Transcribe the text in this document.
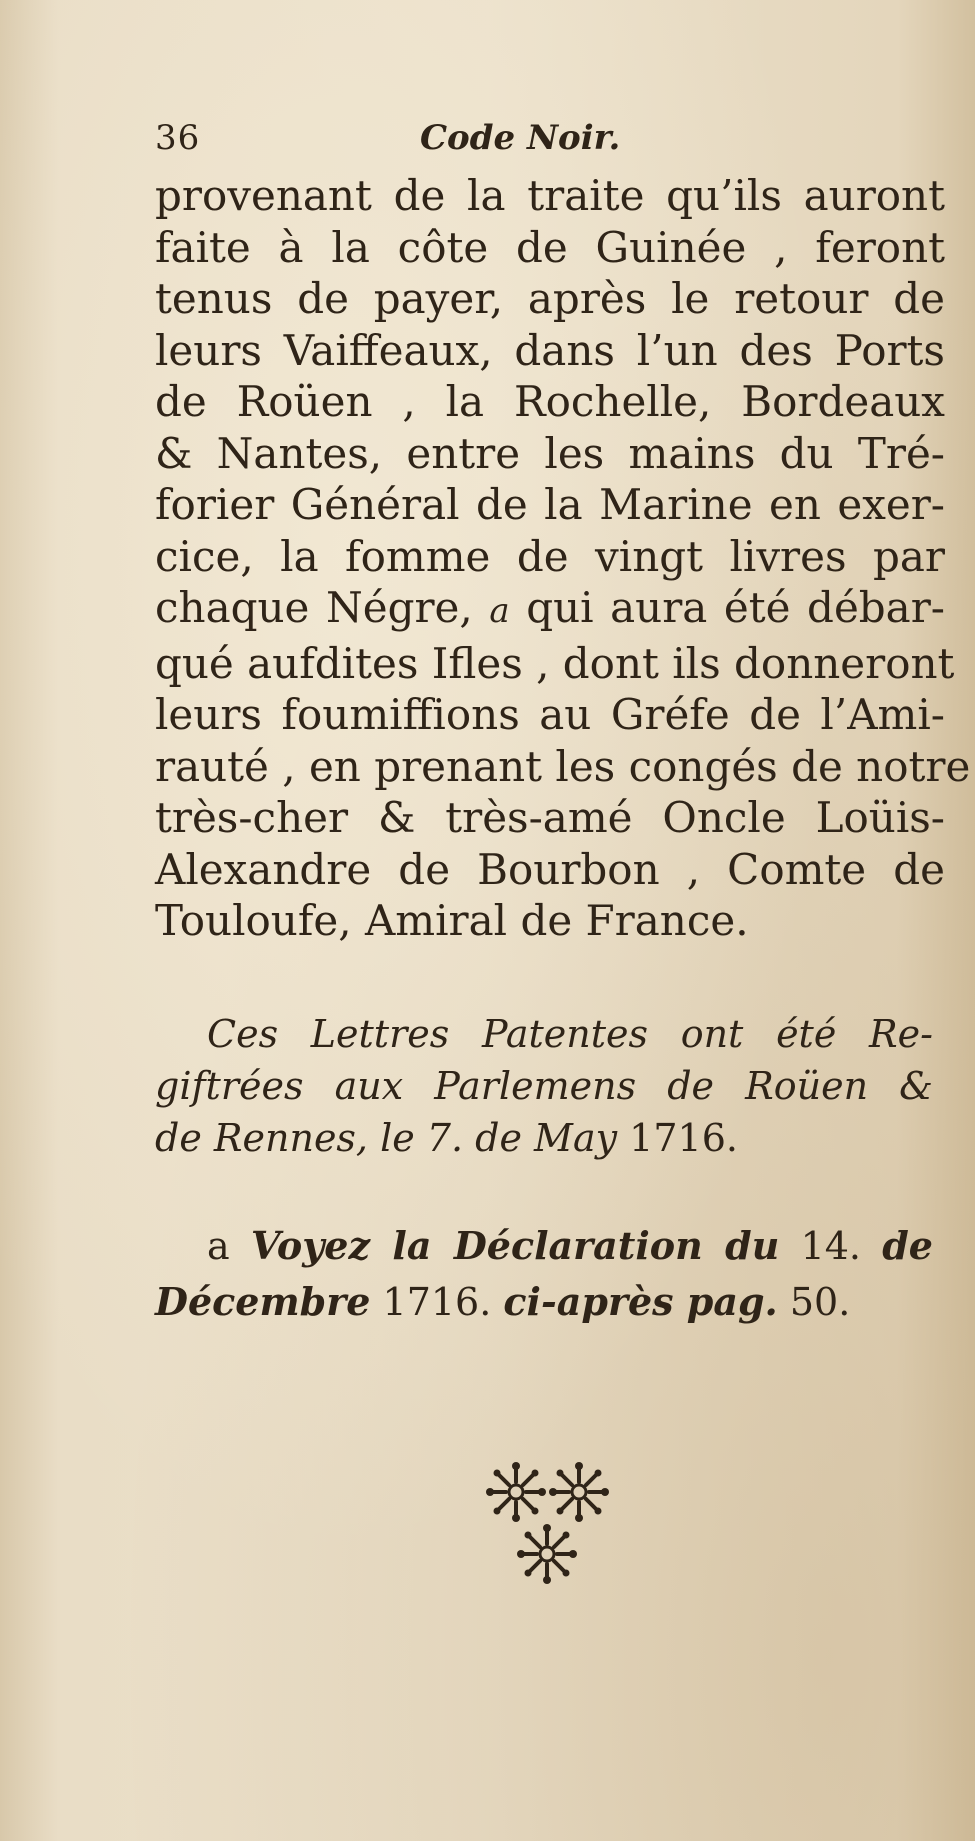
36	Code Noir.
provenant de la traite qu’ils auront
faite à la côte de Guinée , feront
tenus de payer, après le retour de
leurs Vaiffeaux, dans l’un des Ports
de Roüen , la Rochelle, Bordeaux
& Nantes, entre les mains du Tré-
forier Général de la Marine en exer-
cice, la fomme de vingt livres par
chaque Négre, a qui aura été débar-
qué aufdites Ifles , dont ils donneront
leurs foumiffions au Gréfe de l’Ami-
rauté , en prenant les congés de notre
très-cher & très-amé Oncle Loüis-
Alexandre de Bourbon , Comte de
Touloufe, Amiral de France.
Ces Lettres Patentes ont été Re-
giftrées aux Parlemens de Roüen &
de Rennes, le 7. de May 1716.
a Voyez la Déclaration du 14. de
Décembre 1716. ci-après pag. 50.
